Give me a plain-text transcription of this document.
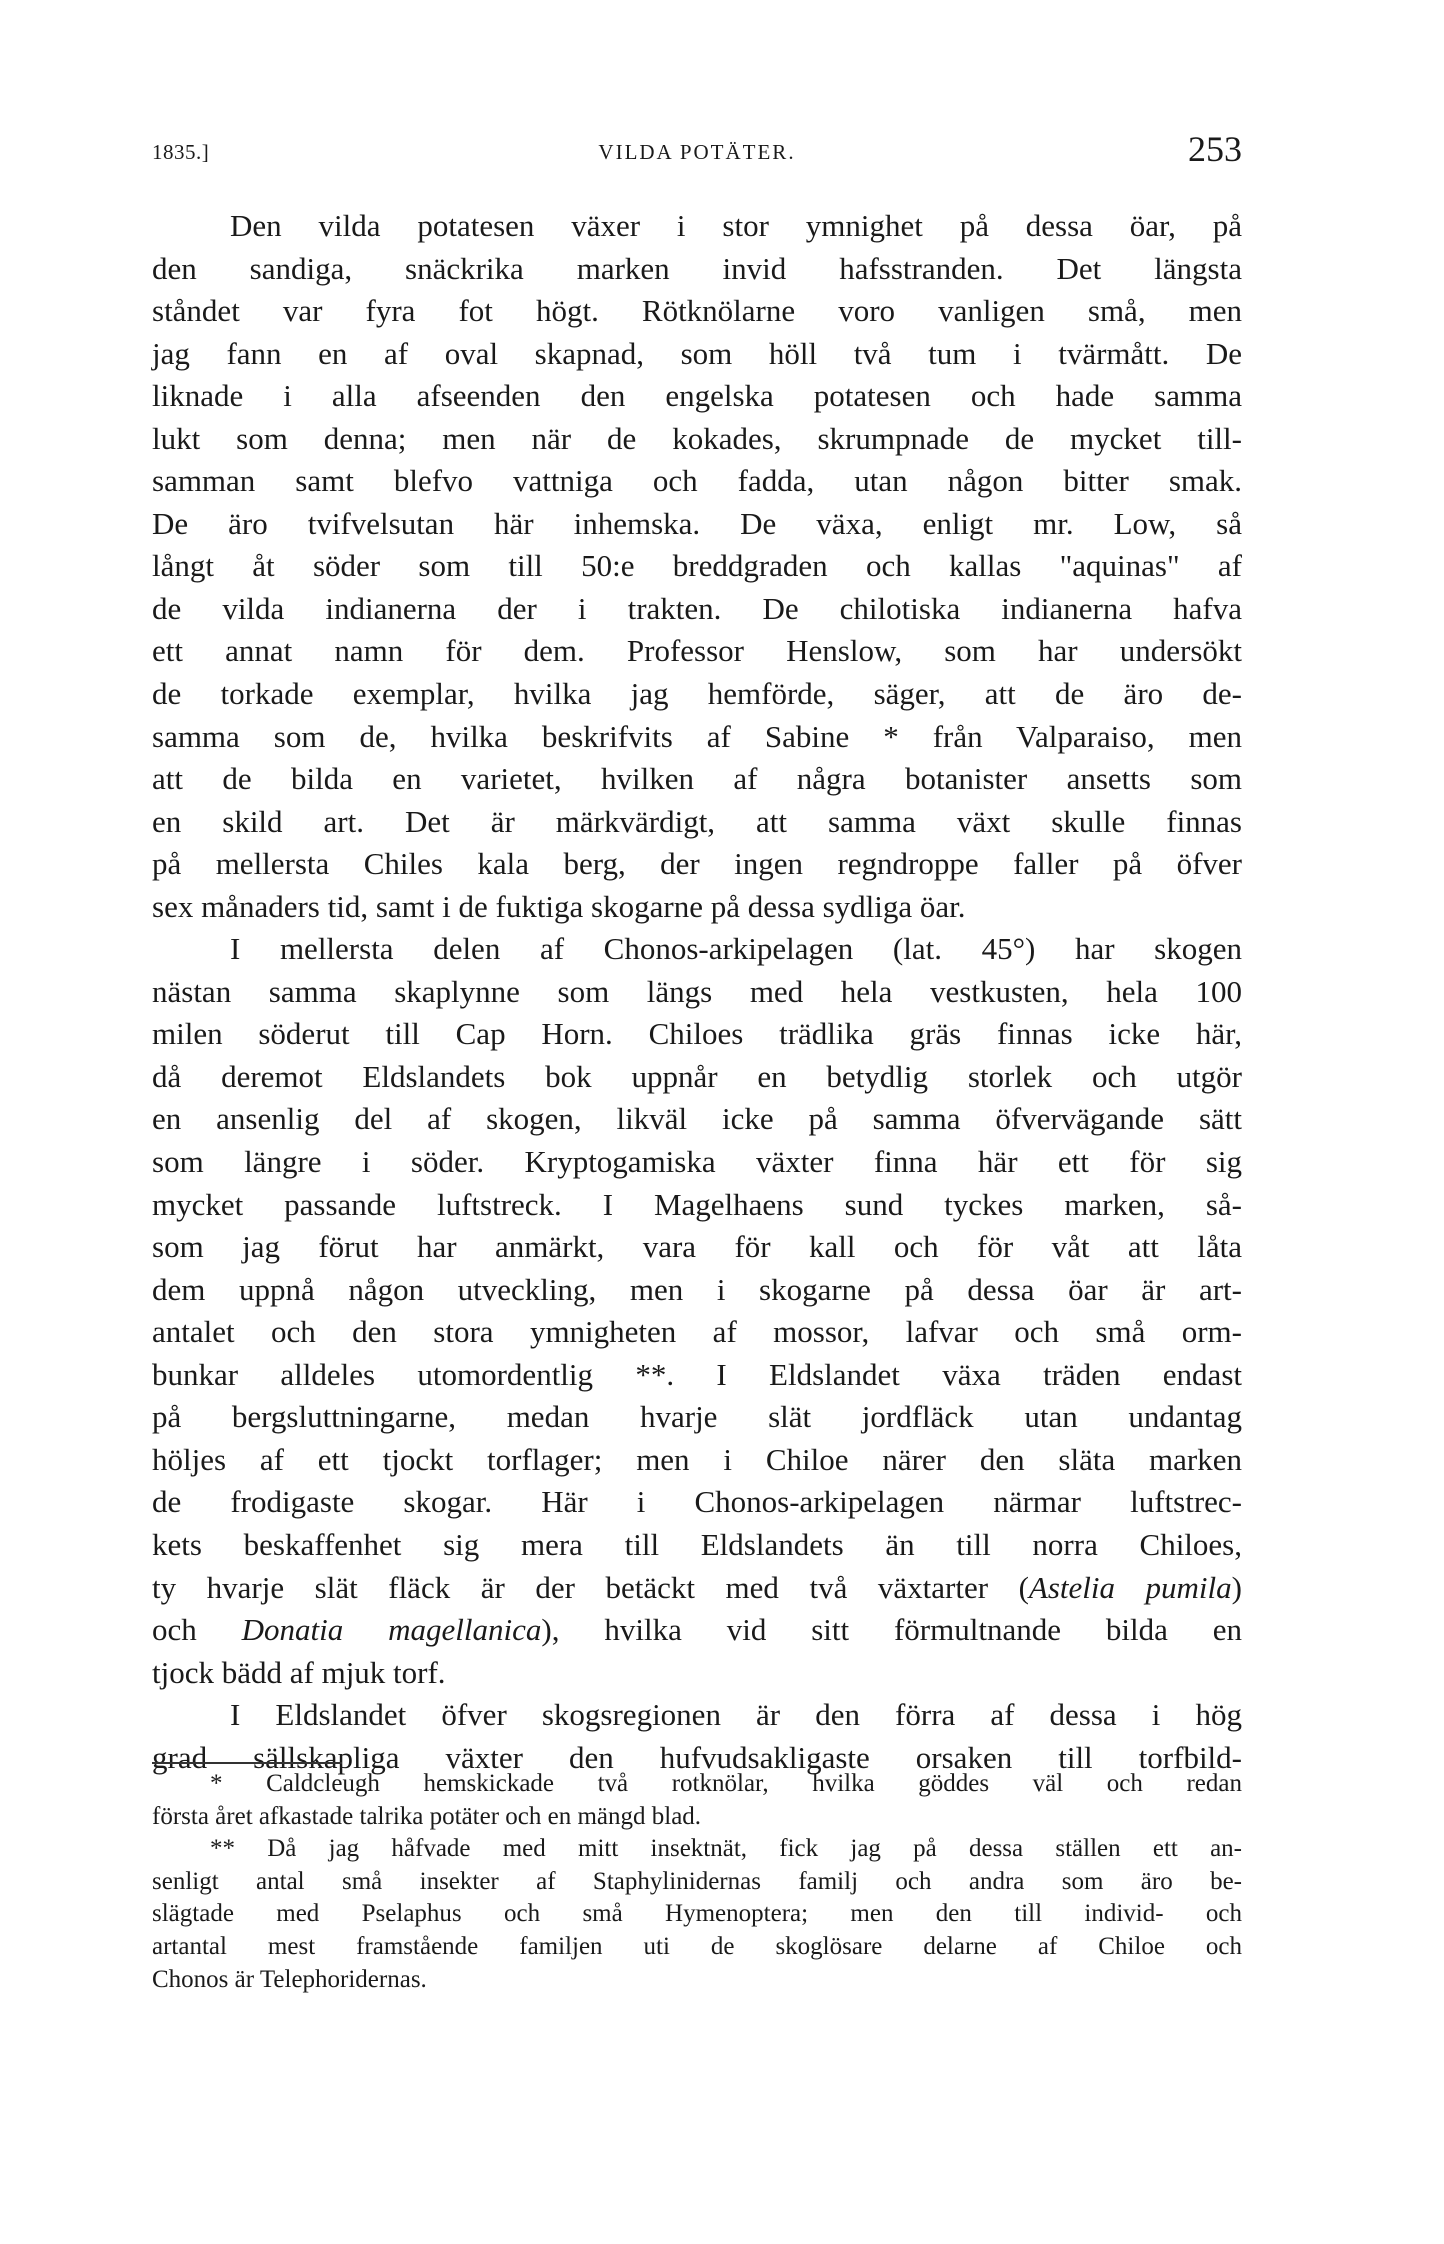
1835.]	VILDA POTÄTER.	253
Den vilda potatesen växer i stor ymnighet på dessa öar, på
den sandiga, snäckrika marken invid hafsstranden. Det längsta
ståndet var fyra fot högt. Rötknölarne voro vanligen små, men
jag fann en af oval skapnad, som höll två tum i tvärmått. De
liknade i alla afseenden den engelska potatesen och hade samma
lukt som denna; men när de kokades, skrumpnade de mycket till-
samman samt blefvo vattniga och fadda, utan någon bitter smak.
De äro tvifvelsutan här inhemska. De växa, enligt mr. Low, så
långt åt söder som till 50:e breddgraden och kallas "aquinas" af
de vilda indianerna der i trakten. De chilotiska indianerna hafva
ett annat namn för dem. Professor Henslow, som har undersökt
de torkade exemplar, hvilka jag hemförde, säger, att de äro de-
samma som de, hvilka beskrifvits af Sabine * från Valparaiso, men
att de bilda en varietet, hvilken af några botanister ansetts som
en skild art. Det är märkvärdigt, att samma växt skulle finnas
på mellersta Chiles kala berg, der ingen regndroppe faller på öfver
sex månaders tid, samt i de fuktiga skogarne på dessa sydliga öar.
I mellersta delen af Chonos-arkipelagen (lat. 45°) har skogen
nästan samma skaplynne som längs med hela vestkusten, hela 100
milen söderut till Cap Horn. Chiloes trädlika gräs finnas icke här,
då deremot Eldslandets bok uppnår en betydlig storlek och utgör
en ansenlig del af skogen, likväl icke på samma öfvervägande sätt
som längre i söder. Kryptogamiska växter finna här ett för sig
mycket passande luftstreck. I Magelhaens sund tyckes marken, så-
som jag förut har anmärkt, vara för kall och för våt att låta
dem uppnå någon utveckling, men i skogarne på dessa öar är art-
antalet och den stora ymnigheten af mossor, lafvar och små orm-
bunkar alldeles utomordentlig **. I Eldslandet växa träden endast
på bergsluttningarne, medan hvarje slät jordfläck utan undantag
höljes af ett tjockt torflager; men i Chiloe närer den släta marken
de frodigaste skogar. Här i Chonos-arkipelagen närmar luftstrec-
kets beskaffenhet sig mera till Eldslandets än till norra Chiloes,
ty hvarje slät fläck är der betäckt med två växtarter (Astelia pumila)
och Donatia magellanica), hvilka vid sitt förmultnande bilda en
tjock bädd af mjuk torf.
I Eldslandet öfver skogsregionen är den förra af dessa i hög
grad sällskapliga växter den hufvudsakligaste orsaken till torfbild-
* Caldcleugh hemskickade två rotknölar, hvilka göddes väl och redan
första året afkastade talrika potäter och en mängd blad.
** Då jag håfvade med mitt insektnät, fick jag på dessa ställen ett an-
senligt antal små insekter af Staphylinidernas familj och andra som äro be-
slägtade med Pselaphus och små Hymenoptera; men den till individ- och
artantal mest framstående familjen uti de skoglösare delarne af Chiloe och
Chonos är Telephoridernas.
